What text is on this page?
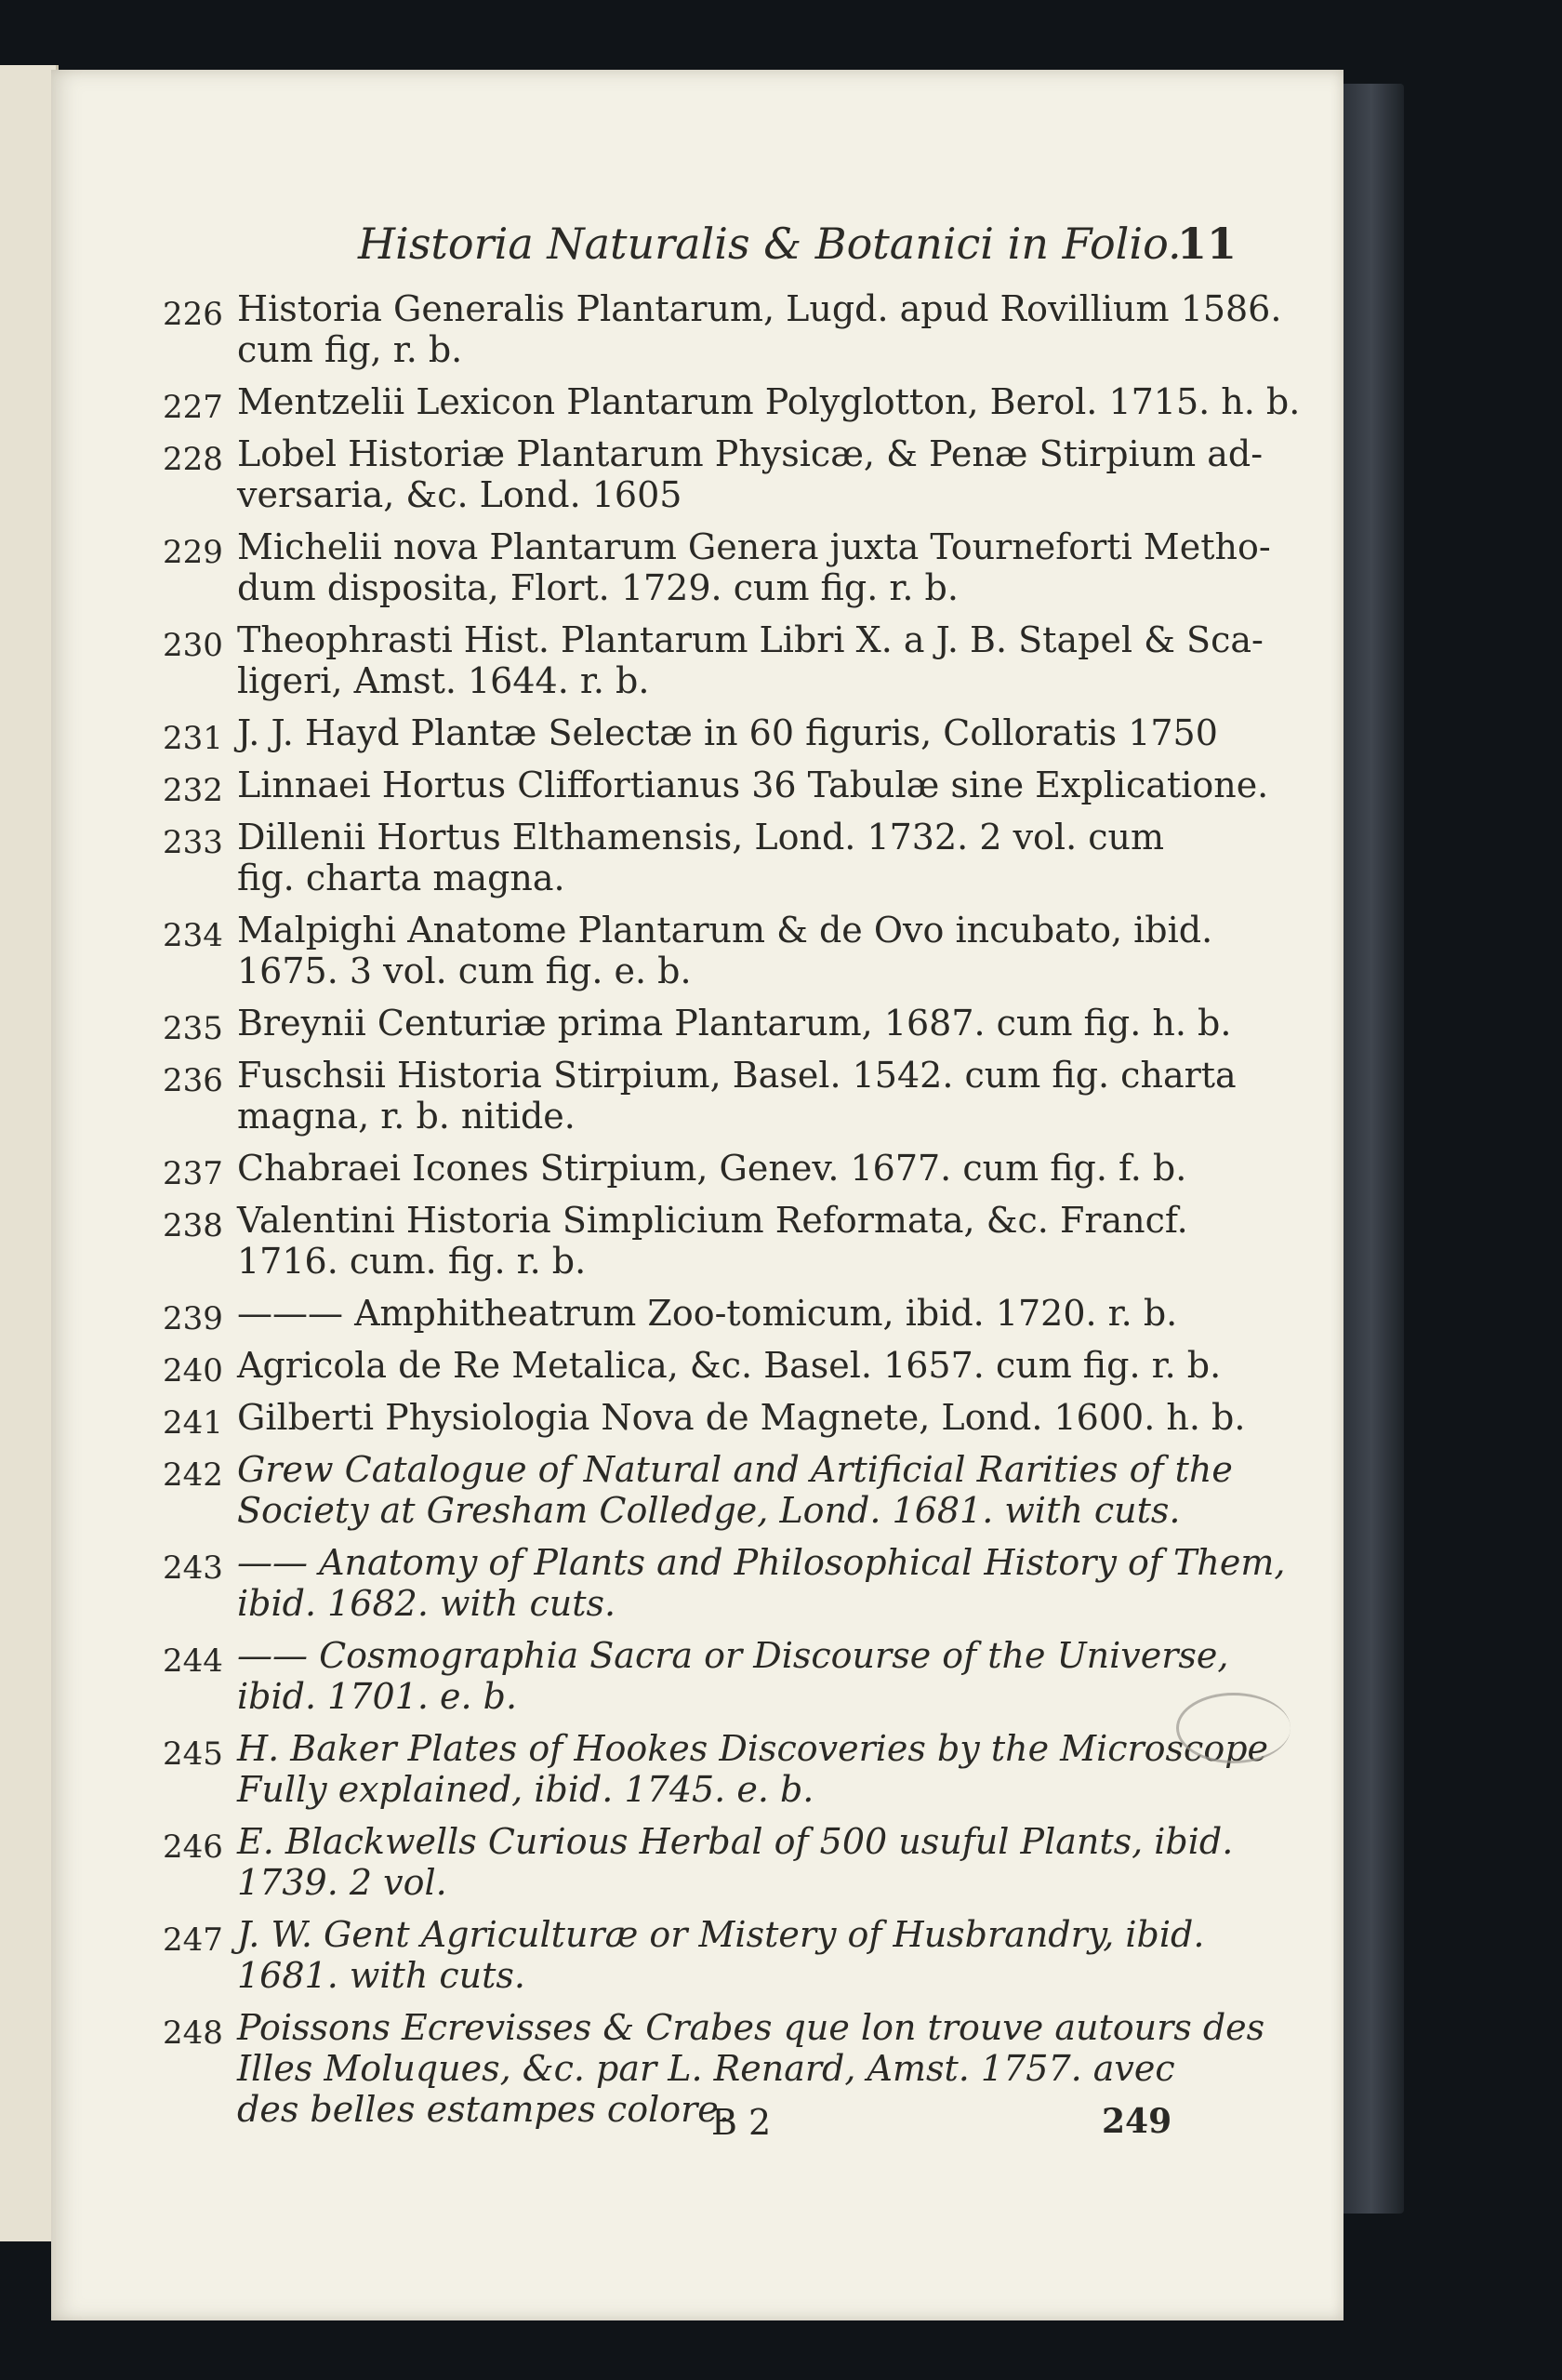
Historia Naturalis & Botanici in Folio.
11
226 Historia Generalis Plantarum, Lugd. apud Rovillium 1586.
cum fig, r. b.
227 Mentzelii Lexicon Plantarum Polyglotton, Berol. 1715. h. b.
228 Lobel Historiæ Plantarum Physicæ, & Penæ Stirpium ad-
versaria, &c. Lond. 1605
229 Michelii nova Plantarum Genera juxta Tourneforti Metho-
dum disposita, Flort. 1729. cum fig. r. b.
230 Theophrasti Hist. Plantarum Libri X. a J. B. Stapel & Sca-
ligeri, Amst. 1644. r. b.
231 J. J. Hayd Plantæ Selectæ in 60 figuris, Colloratis 1750
232 Linnaei Hortus Cliffortianus 36 Tabulæ sine Explicatione.
233 Dillenii Hortus Elthamensis, Lond. 1732. 2 vol. cum
fig. charta magna.
234 Malpighi Anatome Plantarum & de Ovo incubato, ibid.
1675. 3 vol. cum fig. e. b.
235 Breynii Centuriæ prima Plantarum, 1687. cum fig. h. b.
236 Fuschsii Historia Stirpium, Basel. 1542. cum fig. charta
magna, r. b. nitide.
237 Chabraei Icones Stirpium, Genev. 1677. cum fig. f. b.
238 Valentini Historia Simplicium Reformata, &c. Francf.
1716. cum. fig. r. b.
239 ——— Amphitheatrum Zoo-tomicum, ibid. 1720. r. b.
240 Agricola de Re Metalica, &c. Basel. 1657. cum fig. r. b.
241 Gilberti Physiologia Nova de Magnete, Lond. 1600. h. b.
242 Grew Catalogue of Natural and Artificial Rarities of the
Society at Gresham Colledge, Lond. 1681. with cuts.
243 —— Anatomy of Plants and Philosophical History of Them,
ibid. 1682. with cuts.
244 —— Cosmographia Sacra or Discourse of the Universe,
ibid. 1701. e. b.
245 H. Baker Plates of Hookes Discoveries by the Microscope
Fully explained, ibid. 1745. e. b.
246 E. Blackwells Curious Herbal of 500 usuful Plants, ibid.
1739. 2 vol.
247 J. W. Gent Agriculturæ or Mistery of Husbrandry, ibid.
1681. with cuts.
248 Poissons Ecrevisses & Crabes que lon trouve autours des
Illes Moluques, &c. par L. Renard, Amst. 1757. avec
des belles estampes colore.
B 2	249
